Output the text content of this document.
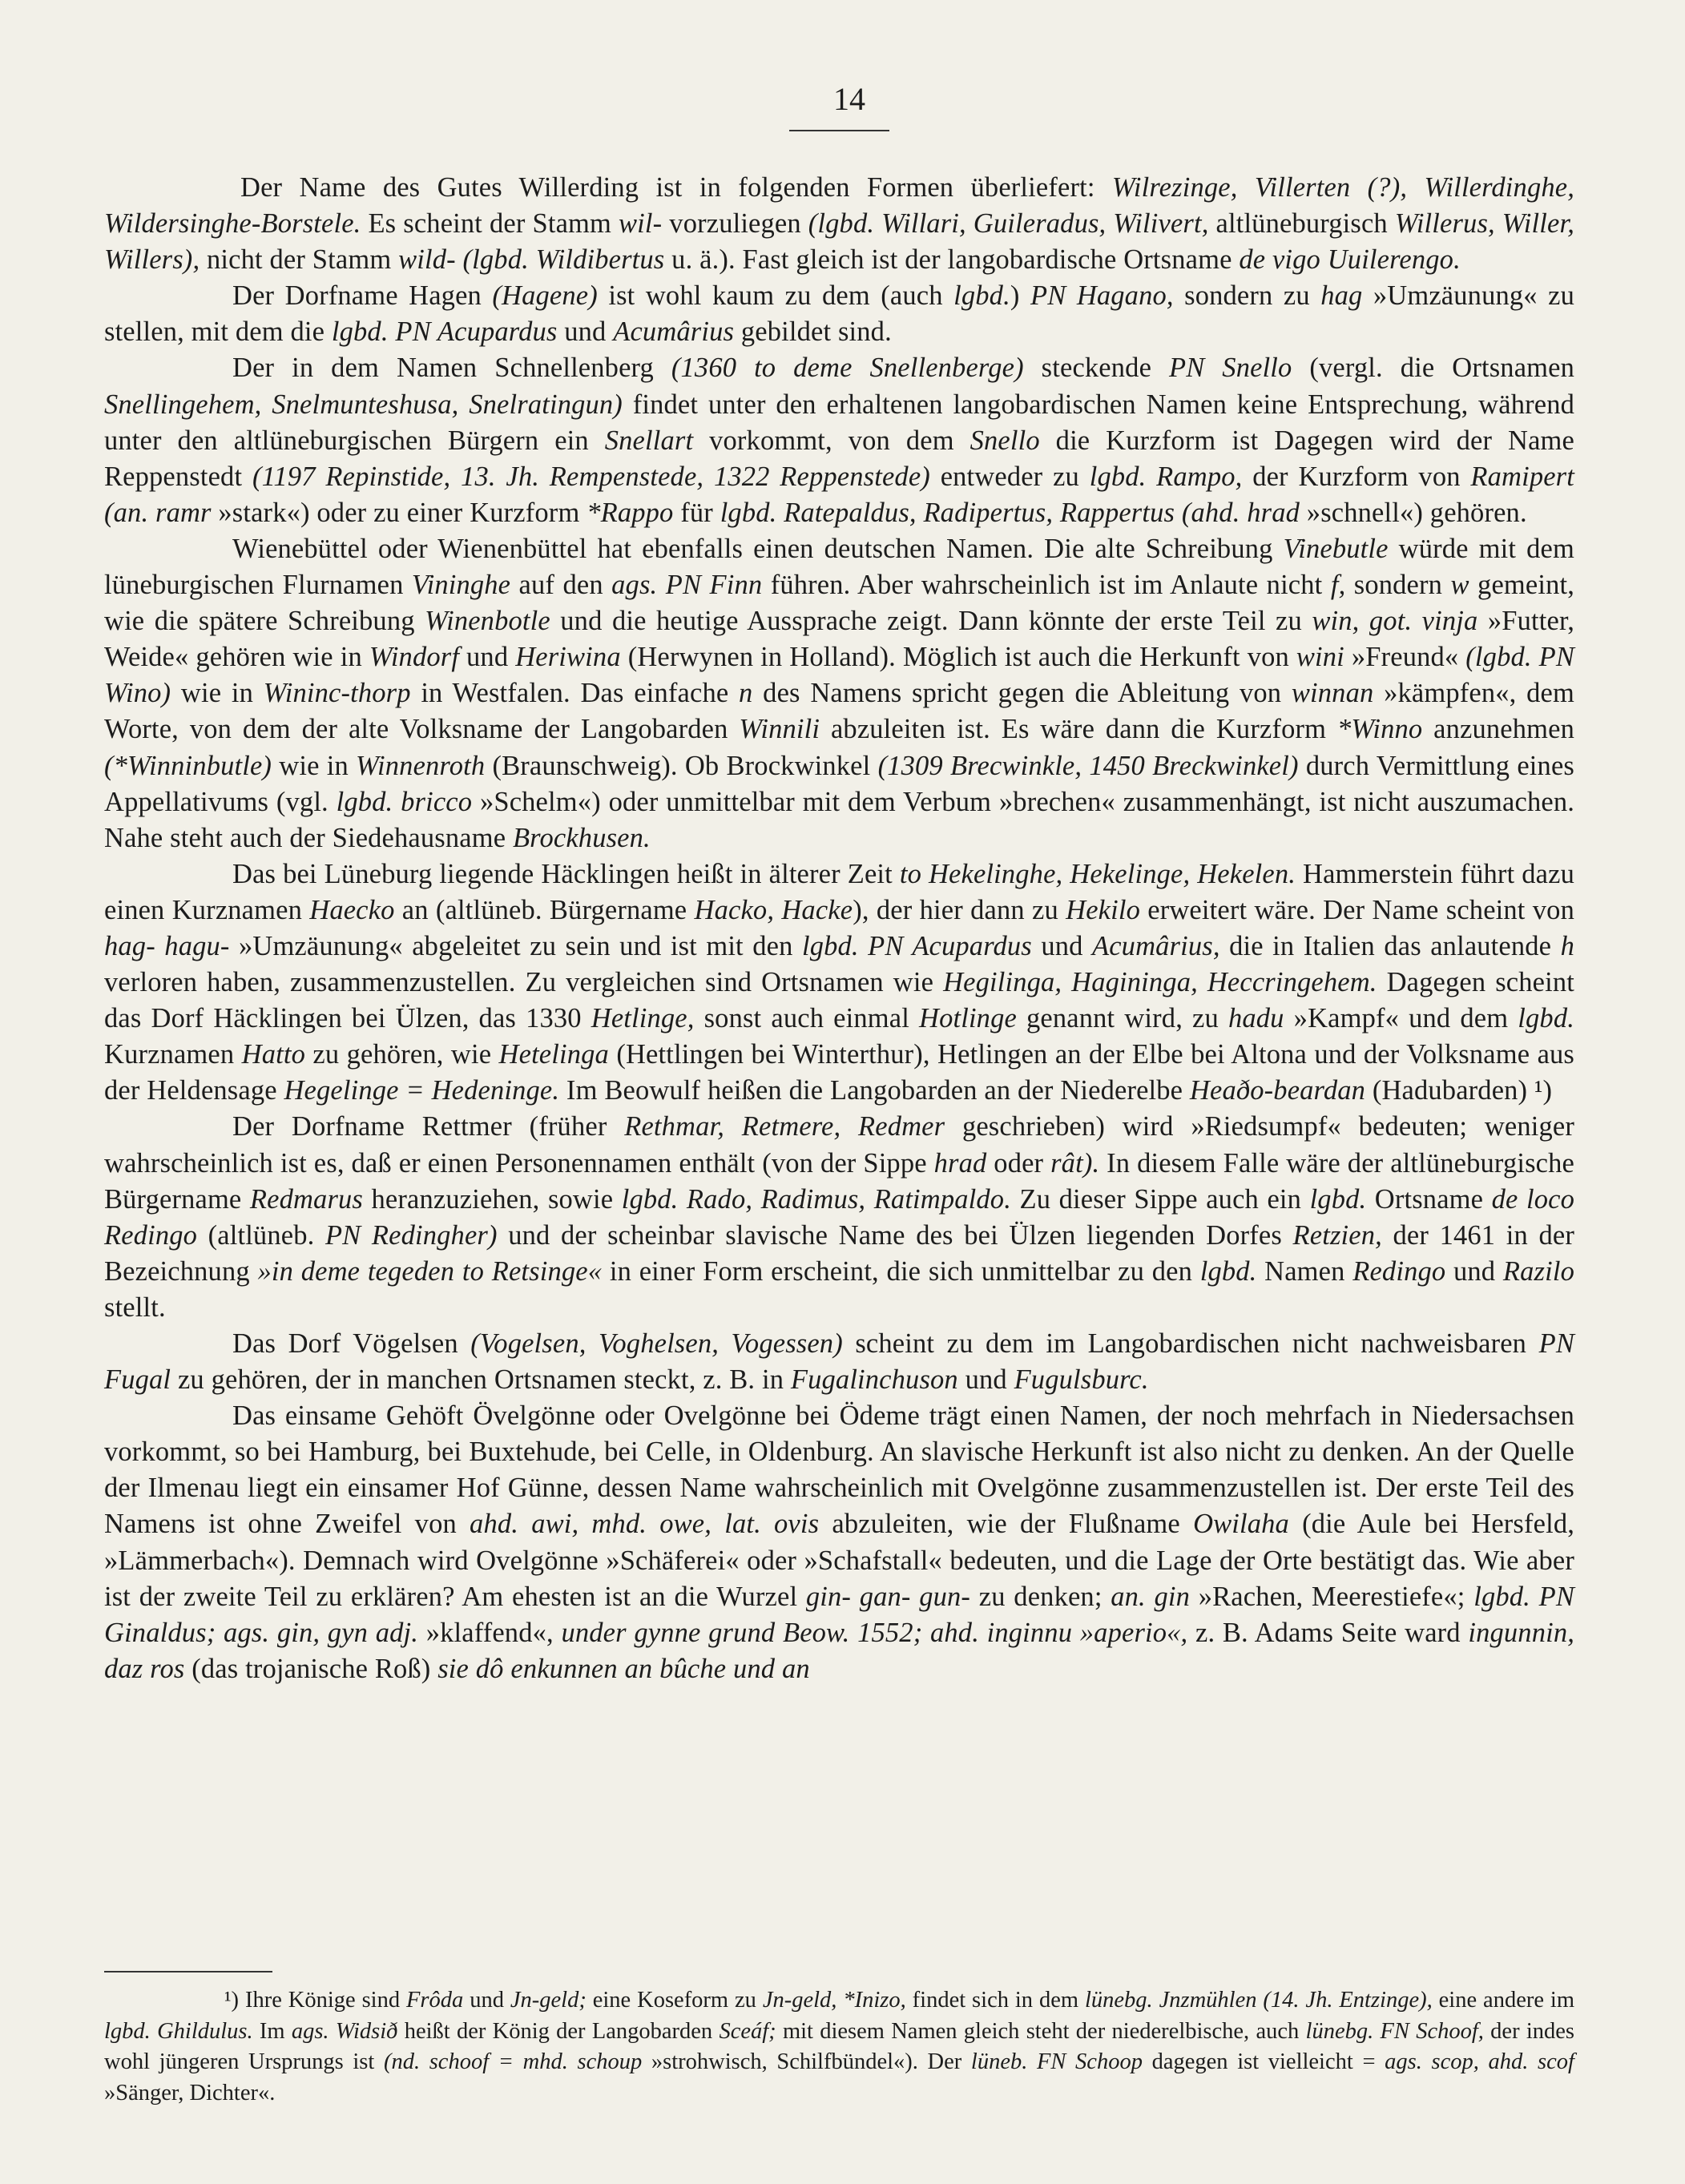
14

Der Name des Gutes Willerding ist in folgenden Formen überliefert: Wilrezinge, Villerten (?), Willerdinghe, Wildersinghe-Borstele. Es scheint der Stamm wil- vorzuliegen (lgbd. Willari, Guileradus, Wilivert, altlüneburgisch Willerus, Willer, Willers), nicht der Stamm wild- (lgbd. Wildibertus u. ä.). Fast gleich ist der langobardische Ortsname de vigo Uuilerengo.

Der Dorfname Hagen (Hagene) ist wohl kaum zu dem (auch lgbd.) PN Hagano, sondern zu hag »Umzäunung« zu stellen, mit dem die lgbd. PN Acupardus und Acumârius gebildet sind.

Der in dem Namen Schnellenberg (1360 to deme Snellenberge) steckende PN Snello (vergl. die Ortsnamen Snellingehem, Snelmunteshusa, Snelratingun) findet unter den erhaltenen langobardischen Namen keine Entsprechung, während unter den altlüneburgischen Bürgern ein Snellart vorkommt, von dem Snello die Kurzform ist Dagegen wird der Name Reppenstedt (1197 Repinstide, 13. Jh. Rempenstede, 1322 Reppenstede) entweder zu lgbd. Rampo, der Kurzform von Ramipert (an. ramr »stark«) oder zu einer Kurzform *Rappo für lgbd. Ratepaldus, Radipertus, Rappertus (ahd. hrad »schnell«) gehören.

Wienebüttel oder Wienenbüttel hat ebenfalls einen deutschen Namen. Die alte Schreibung Vinebutle würde mit dem lüneburgischen Flurnamen Vininghe auf den ags. PN Finn führen. Aber wahrscheinlich ist im Anlaute nicht f, sondern w gemeint, wie die spätere Schreibung Winenbotle und die heutige Aussprache zeigt. Dann könnte der erste Teil zu win, got. vinja »Futter, Weide« gehören wie in Windorf und Heriwina (Herwynen in Holland). Möglich ist auch die Herkunft von wini »Freund« (lgbd. PN Wino) wie in Wininc-thorp in Westfalen. Das einfache n des Namens spricht gegen die Ableitung von winnan »kämpfen«, dem Worte, von dem der alte Volksname der Langobarden Winnili abzuleiten ist. Es wäre dann die Kurzform *Winno anzunehmen (*Winninbutle) wie in Winnenroth (Braunschweig). Ob Brockwinkel (1309 Brecwinkle, 1450 Breckwinkel) durch Vermittlung eines Appellativums (vgl. lgbd. bricco »Schelm«) oder unmittelbar mit dem Verbum »brechen« zusammenhängt, ist nicht auszumachen. Nahe steht auch der Siedehausname Brockhusen.

Das bei Lüneburg liegende Häcklingen heißt in älterer Zeit to Hekelinghe, Hekelinge, Hekelen. Hammerstein führt dazu einen Kurznamen Haecko an (altlüneb. Bürgername Hacko, Hacke), der hier dann zu Hekilo erweitert wäre. Der Name scheint von hag- hagu- »Umzäunung« abgeleitet zu sein und ist mit den lgbd. PN Acupardus und Acumârius, die in Italien das anlautende h verloren haben, zusammenzustellen. Zu vergleichen sind Ortsnamen wie Hegilinga, Hagininga, Heccringehem. Dagegen scheint das Dorf Häcklingen bei Ülzen, das 1330 Hetlinge, sonst auch einmal Hotlinge genannt wird, zu hadu »Kampf« und dem lgbd. Kurznamen Hatto zu gehören, wie Hetelinga (Hettlingen bei Winterthur), Hetlingen an der Elbe bei Altona und der Volksname aus der Heldensage Hegelinge = Hedeninge. Im Beowulf heißen die Langobarden an der Niederelbe Heaðo-beardan (Hadubarden) ¹)

Der Dorfname Rettmer (früher Rethmar, Retmere, Redmer geschrieben) wird »Riedsumpf« bedeuten; weniger wahrscheinlich ist es, daß er einen Personennamen enthält (von der Sippe hrad oder rât). In diesem Falle wäre der altlüneburgische Bürgername Redmarus heranzuziehen, sowie lgbd. Rado, Radimus, Ratimpaldo. Zu dieser Sippe auch ein lgbd. Ortsname de loco Redingo (altlüneb. PN Redingher) und der scheinbar slavische Name des bei Ülzen liegenden Dorfes Retzien, der 1461 in der Bezeichnung »in deme tegeden to Retsinge« in einer Form erscheint, die sich unmittelbar zu den lgbd. Namen Redingo und Razilo stellt.

Das Dorf Vögelsen (Vogelsen, Voghelsen, Vogessen) scheint zu dem im Langobardischen nicht nachweisbaren PN Fugal zu gehören, der in manchen Ortsnamen steckt, z. B. in Fugalinchuson und Fugulsburc.

Das einsame Gehöft Övelgönne oder Ovelgönne bei Ödeme trägt einen Namen, der noch mehrfach in Niedersachsen vorkommt, so bei Hamburg, bei Buxtehude, bei Celle, in Oldenburg. An slavische Herkunft ist also nicht zu denken. An der Quelle der Ilmenau liegt ein einsamer Hof Günne, dessen Name wahrscheinlich mit Ovelgönne zusammenzustellen ist. Der erste Teil des Namens ist ohne Zweifel von ahd. awi, mhd. owe, lat. ovis abzuleiten, wie der Flußname Owilaha (die Aule bei Hersfeld, »Lämmerbach«). Demnach wird Ovelgönne »Schäferei« oder »Schafstall« bedeuten, und die Lage der Orte bestätigt das. Wie aber ist der zweite Teil zu erklären? Am ehesten ist an die Wurzel gin- gan- gun- zu denken; an. gin »Rachen, Meerestiefe«; lgbd. PN Ginaldus; ags. gin, gyn adj. »klaffend«, under gynne grund Beow. 1552; ahd. inginnu »aperio«, z. B. Adams Seite ward ingunnin, daz ros (das trojanische Roß) sie dô enkunnen an bûche und an

¹) Ihre Könige sind Frôda und Jn-geld; eine Koseform zu Jn-geld, *Inizo, findet sich in dem lünebg. Jnzmühlen (14. Jh. Entzinge), eine andere im lgbd. Ghildulus. Im ags. Widsið heißt der König der Langobarden Sceáf; mit diesem Namen gleich steht der niederelbische, auch lünebg. FN Schoof, der indes wohl jüngeren Ursprungs ist (nd. schoof = mhd. schoup »strohwisch, Schilfbündel«). Der lüneb. FN Schoop dagegen ist vielleicht = ags. scop, ahd. scof »Sänger, Dichter«.
